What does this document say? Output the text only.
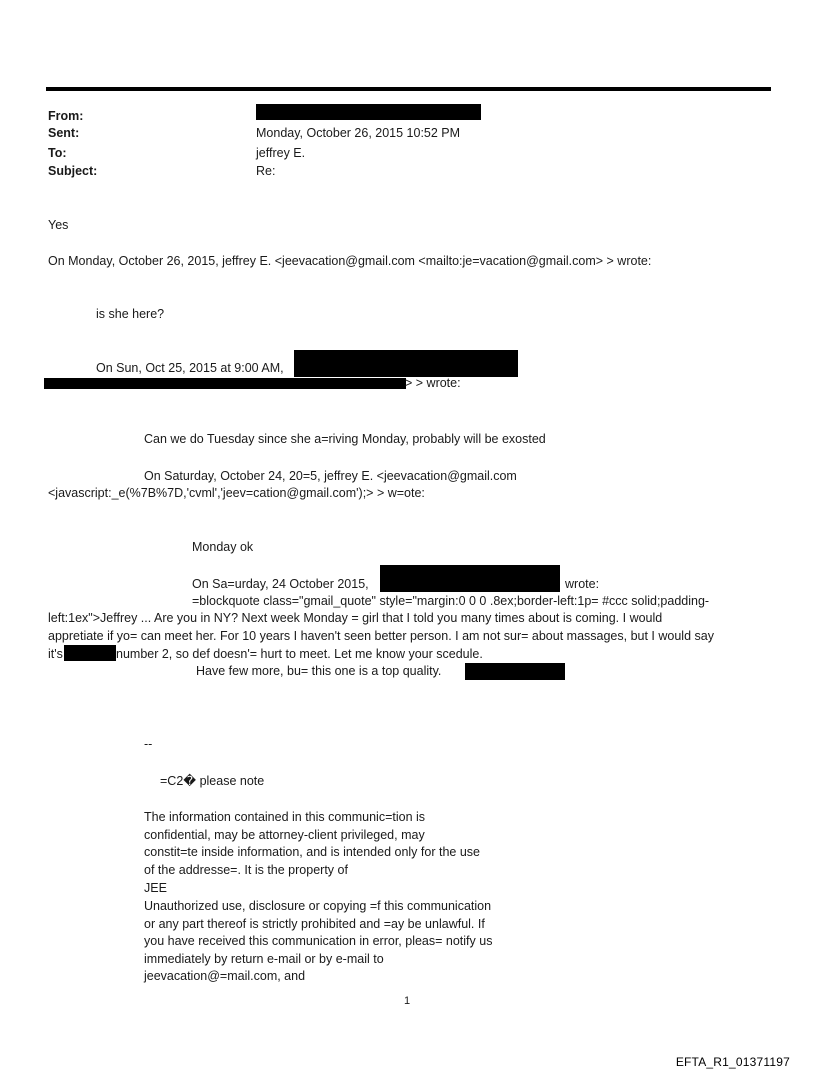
From:
Sent:	Monday, October 26, 2015 10:52 PM
To:	jeffrey E.
Subject:	Re:
Yes
On Monday, October 26, 2015, jeffrey E. <jeevacation@gmail.com <mailto:je=vacation@gmail.com> > wrote:
is she here?
On Sun, Oct 25, 2015 at 9:00 AM,
> > wrote:
Can we do Tuesday since she a=riving Monday, probably will be exosted
On Saturday, October 24, 20=5, jeffrey E. <jeevacation@gmail.com
<javascript:_e(%7B%7D,'cvml','jeev=cation@gmail.com');> > w=ote:
Monday ok
On Sa=urday, 24 October 2015,	wrote:
=blockquote class="gmail_quote" style="margin:0 0 0 .8ex;border-left:1p= #ccc solid;padding-
left:1ex">Jeffrey ... Are you in NY? Next week Monday = girl that I told you many times about is coming. I would
appretiate if yo= can meet her. For 10 years I haven't seen better person. I am not sur= about massages, but I would say
it's	number 2, so def doesn'= hurt to meet. Let me know your scedule.
Have few more, bu= this one is a top quality.
--
=C2� please note
The information contained in this communic=tion is confidential, may be attorney-client privileged, may constit=te inside information, and is intended only for the use of the addresse=. It is the property of
JEE
Unauthorized use, disclosure or copying =f this communication or any part thereof is strictly prohibited and =ay be unlawful. If you have received this communication in error, pleas= notify us immediately by return e-mail or by e-mail to jeevacation@=mail.com, and
1
EFTA_R1_01371197
